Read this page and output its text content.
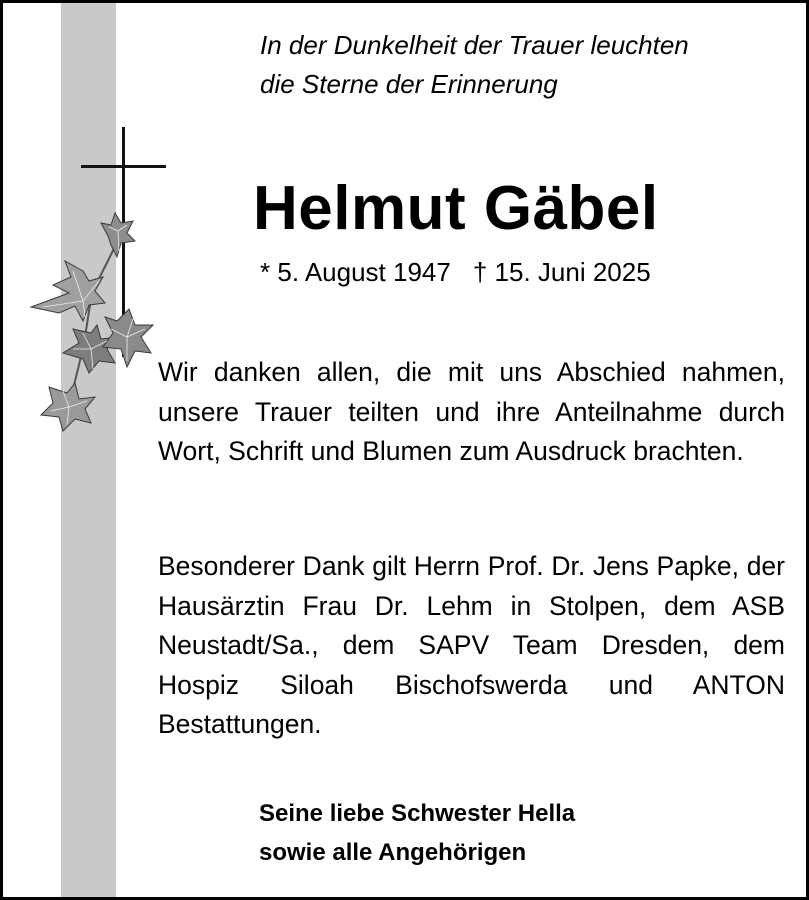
In der Dunkelheit der Trauer leuchten
die Sterne der Erinnerung
Helmut Gäbel
* 5. August 1947 † 15. Juni 2025
Wir danken allen, die mit uns Abschied nahmen, unsere Trauer teilten und ihre Anteilnahme durch Wort, Schrift und Blumen zum Ausdruck brachten.
Besonderer Dank gilt Herrn Prof. Dr. Jens Papke, der Hausärztin Frau Dr. Lehm in Stolpen, dem ASB Neustadt/Sa., dem SAPV Team Dresden, dem Hospiz Siloah Bischofswerda und ANTON Bestattungen.
Seine liebe Schwester Hella
sowie alle Angehörigen
